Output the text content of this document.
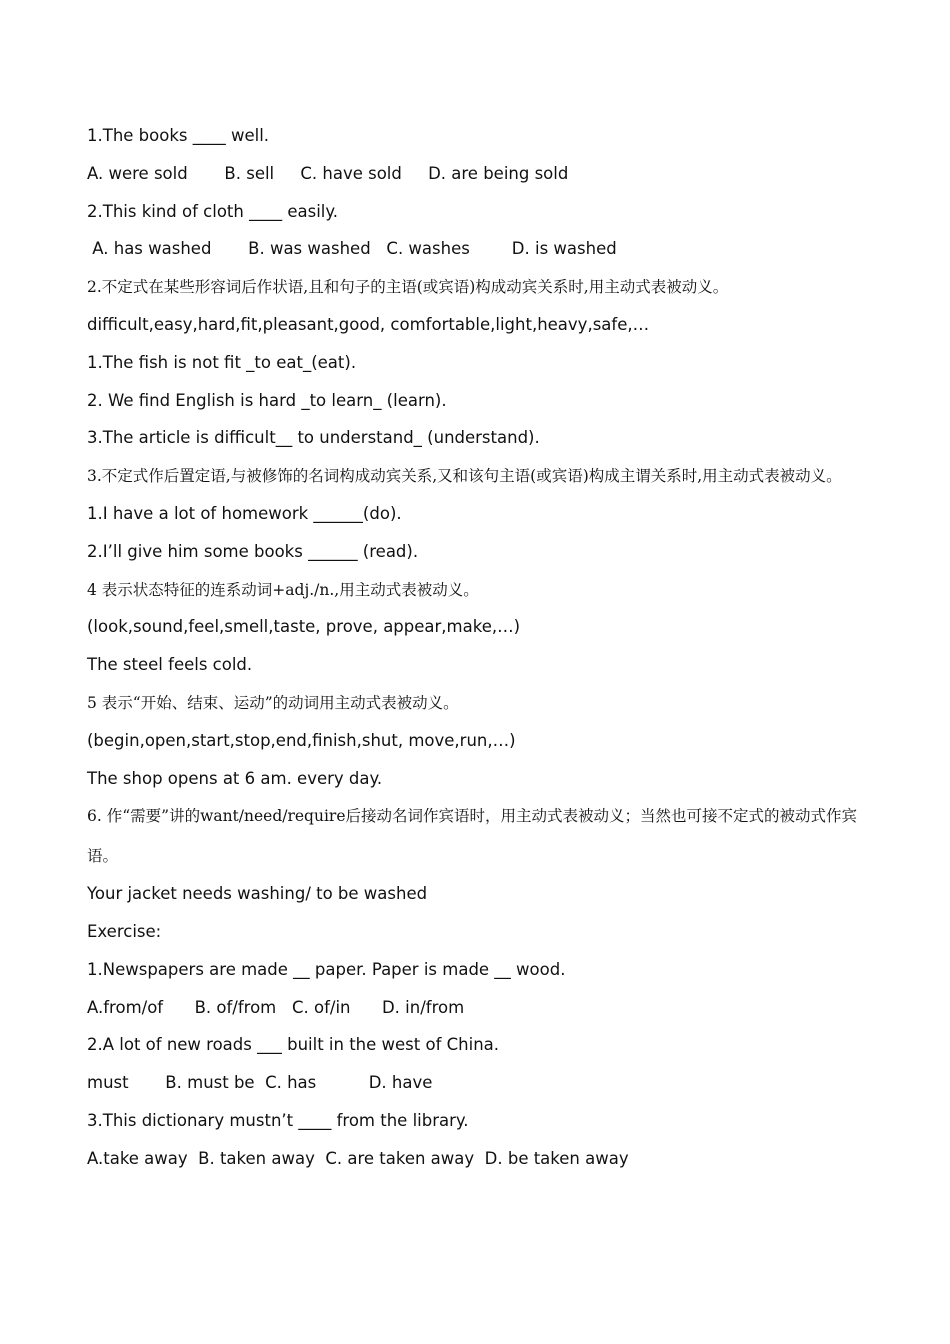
1.The books ____ well.
A. were sold       B. sell     C. have sold     D. are being sold
2.This kind of cloth ____ easily.
A. has washed       B. was washed   C. washes        D. is washed
2.不定式在某些形容词后作状语,且和句子的主语(或宾语)构成动宾关系时,用主动式表被动义。
difficult,easy,hard,fit,pleasant,good, comfortable,light,heavy,safe,…
1.The fish is not fit _to eat_(eat).
2. We find English is hard _to learn_ (learn).
3.The article is difficult__ to understand_ (understand).
3.不定式作后置定语,与被修饰的名词构成动宾关系,又和该句主语(或宾语)构成主谓关系时,用主动式表被动义。
1.I have a lot of homework ______(do).
2.I’ll give him some books ______ (read).
4 表示状态特征的连系动词+adj./n.,用主动式表被动义。
(look,sound,feel,smell,taste, prove, appear,make,…)
The steel feels cold.
5 表示“开始、结束、运动”的动词用主动式表被动义。
(begin,open,start,stop,end,finish,shut, move,run,…)
The shop opens at 6 am. every day.
6. 作“需要”讲的want/need/require后接动名词作宾语时，用主动式表被动义；当然也可接不定式的被动式作宾语。
Your jacket needs washing/ to be washed
Exercise:
1.Newspapers are made __ paper. Paper is made __ wood.
A.from/of      B. of/from   C. of/in      D. in/from
2.A lot of new roads ___ built in the west of China.
must       B. must be  C. has          D. have
3.This dictionary mustn’t ____ from the library.
A.take away  B. taken away  C. are taken away  D. be taken away
